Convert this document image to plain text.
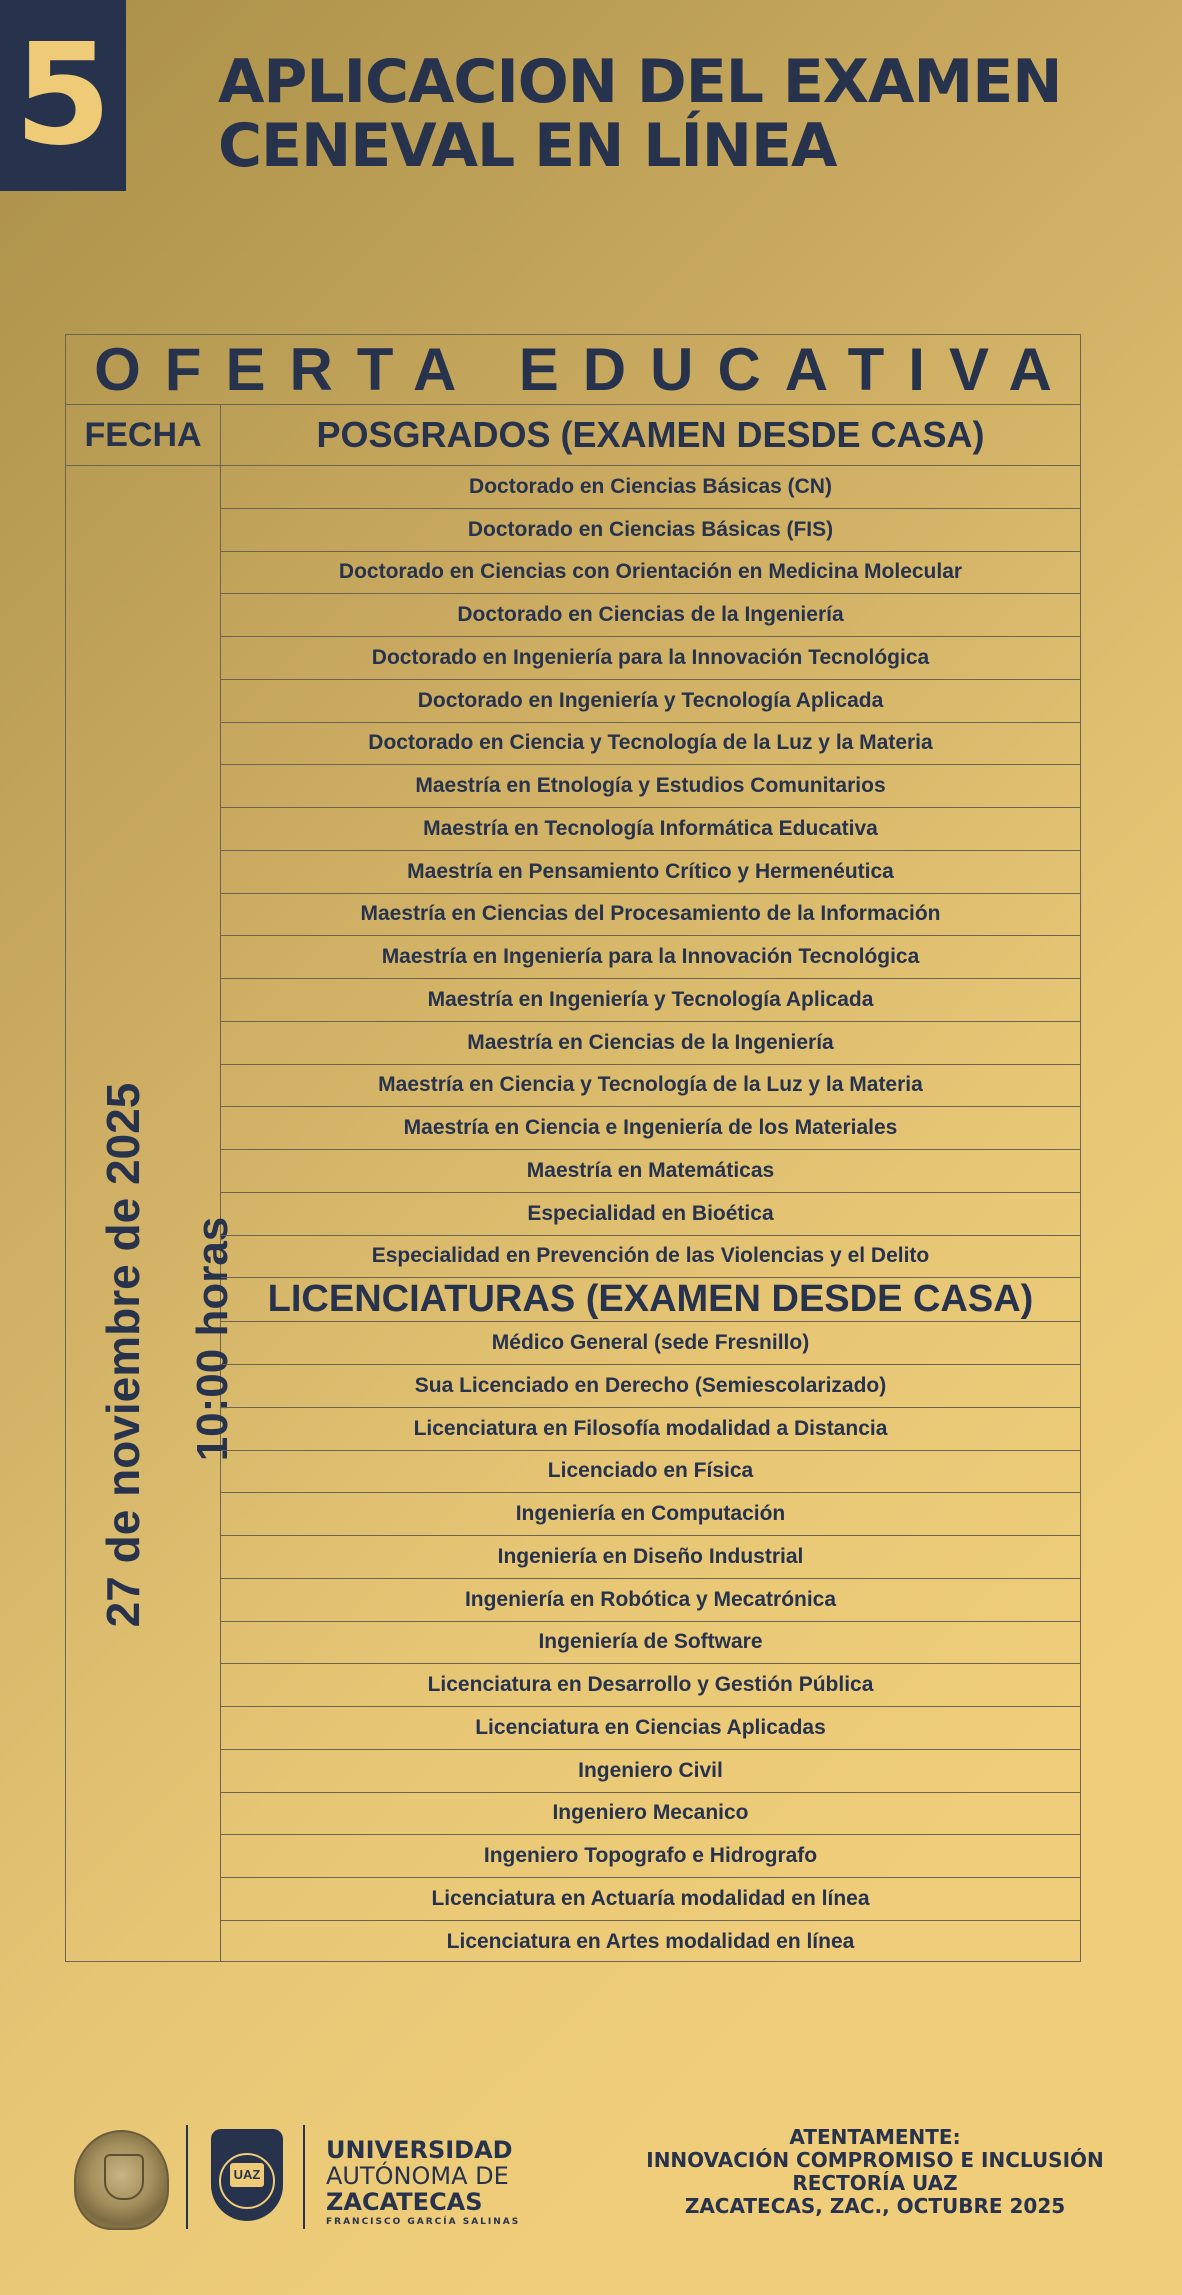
5 APLICACION DEL EXAMEN
CENEVAL EN LÍNEA
OFERTA EDUCATIVA
FECHA	POSGRADOS (EXAMEN DESDE CASA)
27 de noviembre de 2025 10:00 horas
Doctorado en Ciencias Básicas (CN)
Doctorado en Ciencias Básicas (FIS)
Doctorado en Ciencias con Orientación en Medicina Molecular
Doctorado en Ciencias de la Ingeniería
Doctorado en Ingeniería para la Innovación Tecnológica
Doctorado en Ingeniería y Tecnología Aplicada
Doctorado en Ciencia y Tecnología de la Luz y la Materia
Maestría en Etnología y Estudios Comunitarios
Maestría en Tecnología Informática Educativa
Maestría en Pensamiento Crítico y Hermenéutica
Maestría en Ciencias del Procesamiento de la Información
Maestría en Ingeniería para la Innovación Tecnológica
Maestría en Ingeniería y Tecnología Aplicada
Maestría en Ciencias de la Ingeniería
Maestría en Ciencia y Tecnología de la Luz y la Materia
Maestría en Ciencia e Ingeniería de los Materiales
Maestría en Matemáticas
Especialidad en Bioética
Especialidad en Prevención de las Violencias y el Delito
LICENCIATURAS (EXAMEN DESDE CASA)
Médico General (sede Fresnillo)
Sua Licenciado en Derecho (Semiescolarizado)
Licenciatura en Filosofía modalidad a Distancia
Licenciado en Física
Ingeniería en Computación
Ingeniería en Diseño Industrial
Ingeniería en Robótica y Mecatrónica
Ingeniería de Software
Licenciatura en Desarrollo y Gestión Pública
Licenciatura en Ciencias Aplicadas
Ingeniero Civil
Ingeniero Mecanico
Ingeniero Topografo e Hidrografo
Licenciatura en Actuaría modalidad en línea
Licenciatura en Artes modalidad en línea
UAZ
UNIVERSIDAD
AUTÓNOMA DE
ZACATECAS
FRANCISCO GARCÍA SALINAS
ATENTAMENTE:
INNOVACIÓN COMPROMISO E INCLUSIÓN
RECTORÍA UAZ
ZACATECAS, ZAC., OCTUBRE 2025
